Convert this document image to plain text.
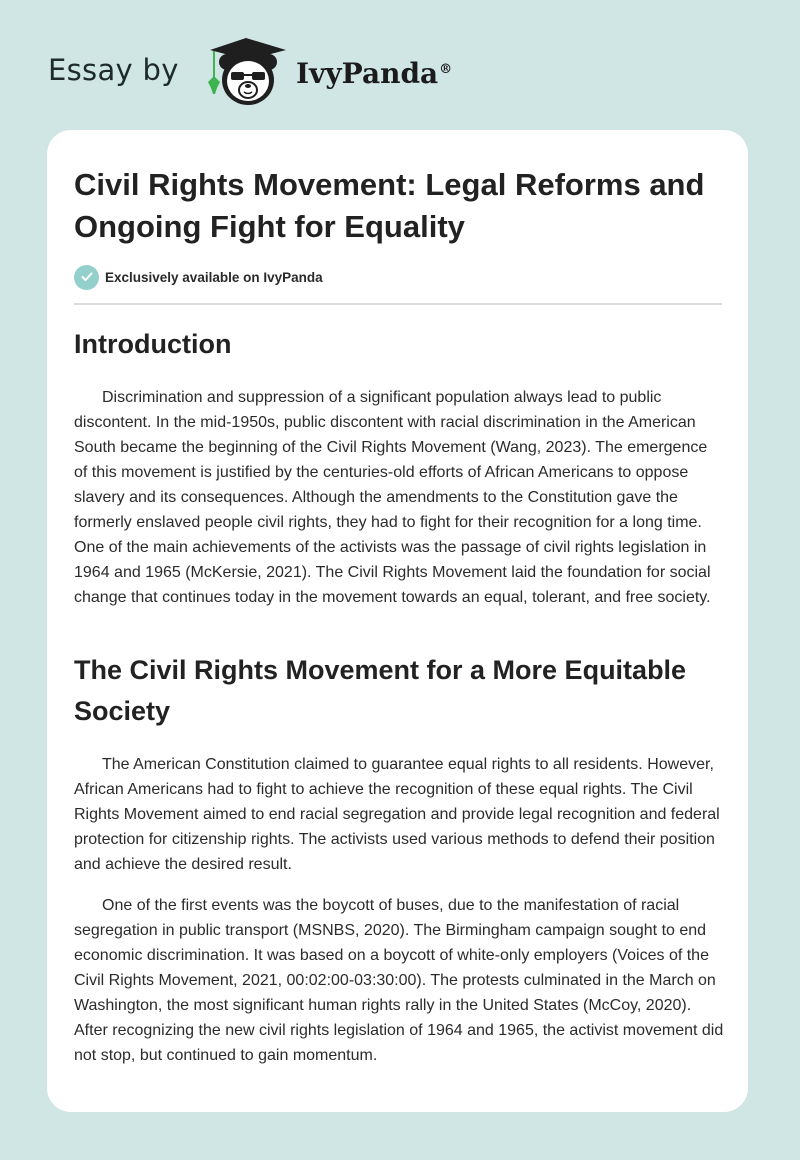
Essay by	IvyPanda®
Civil Rights Movement: Legal Reforms and Ongoing Fight for Equality
Exclusively available on IvyPanda
Introduction

Discrimination and suppression of a significant population always lead to public discontent. In the mid-1950s, public discontent with racial discrimination in the American South became the beginning of the Civil Rights Movement (Wang, 2023). The emergence of this movement is justified by the centuries-old efforts of African Americans to oppose slavery and its consequences. Although the amendments to the Constitution gave the formerly enslaved people civil rights, they had to fight for their recognition for a long time. One of the main achievements of the activists was the passage of civil rights legislation in 1964 and 1965 (McKersie, 2021). The Civil Rights Movement laid the foundation for social change that continues today in the movement towards an equal, tolerant, and free society.

The Civil Rights Movement for a More Equitable Society

The American Constitution claimed to guarantee equal rights to all residents. However, African Americans had to fight to achieve the recognition of these equal rights. The Civil Rights Movement aimed to end racial segregation and provide legal recognition and federal protection for citizenship rights. The activists used various methods to defend their position and achieve the desired result.

One of the first events was the boycott of buses, due to the manifestation of racial segregation in public transport (MSNBS, 2020). The Birmingham campaign sought to end economic discrimination. It was based on a boycott of white-only employers (Voices of the Civil Rights Movement, 2021, 00:02:00-03:30:00). The protests culminated in the March on Washington, the most significant human rights rally in the United States (McCoy, 2020). After recognizing the new civil rights legislation of 1964 and 1965, the activist movement did not stop, but continued to gain momentum.
